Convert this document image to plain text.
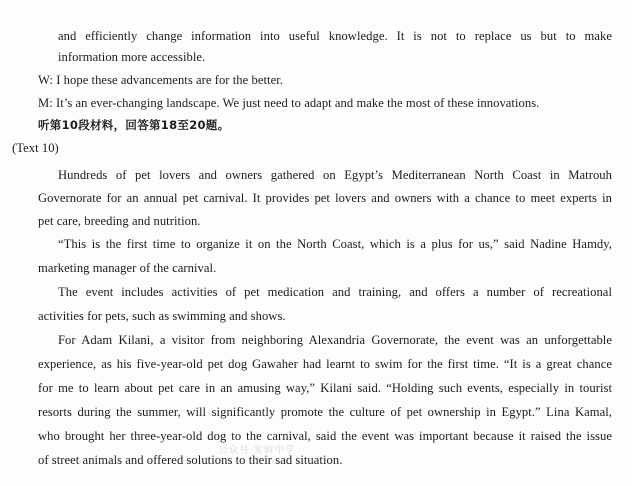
and efficiently change information into useful knowledge. It is not to replace us but to make
information more accessible.
W: I hope these advancements are for the better.
M: It’s an ever-changing landscape. We just need to adapt and make the most of these innovations.
听第10段材料，回答第18至20题。
(Text 10)
Hundreds of pet lovers and owners gathered on Egypt’s Mediterranean North Coast in Matrouh
Governorate for an annual pet carnival. It provides pet lovers and owners with a chance to meet experts in
pet care, breeding and nutrition.
“This is the first time to organize it on the North Coast, which is a plus for us,” said Nadine Hamdy,
marketing manager of the carnival.
The event includes activities of pet medication and training, and offers a number of recreational
activities for pets, such as swimming and shows.
For Adam Kilani, a visitor from neighboring Alexandria Governorate, the event was an unforgettable
experience, as his five-year-old pet dog Gawaher had learnt to swim for the first time. “It is a great chance
for me to learn about pet care in an amusing way,” Kilani said. “Holding such events, especially in tourist
resorts during the summer, will significantly promote the culture of pet ownership in Egypt.” Lina Kamal,
who brought her three-year-old dog to the carnival, said the event was important because it raised the issue
of street animals and offered solutions to their sad situation.
公众号·实验中学
